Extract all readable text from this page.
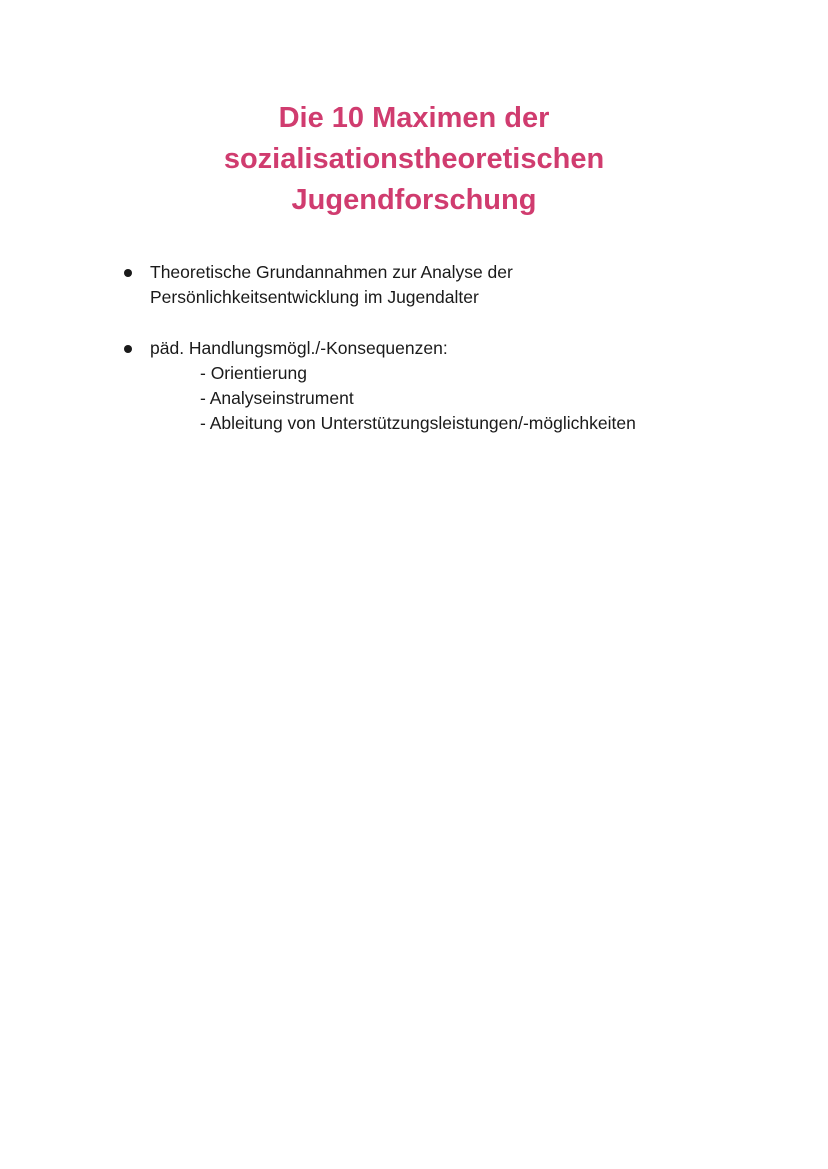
Die 10 Maximen der
sozialisationstheoretischen
Jugendforschung
Theoretische Grundannahmen zur Analyse der
Persönlichkeitsentwicklung im Jugendalter
päd. Handlungsmögl./-Konsequenzen:
- Orientierung
- Analyseinstrument
- Ableitung von Unterstützungsleistungen/-möglichkeiten
